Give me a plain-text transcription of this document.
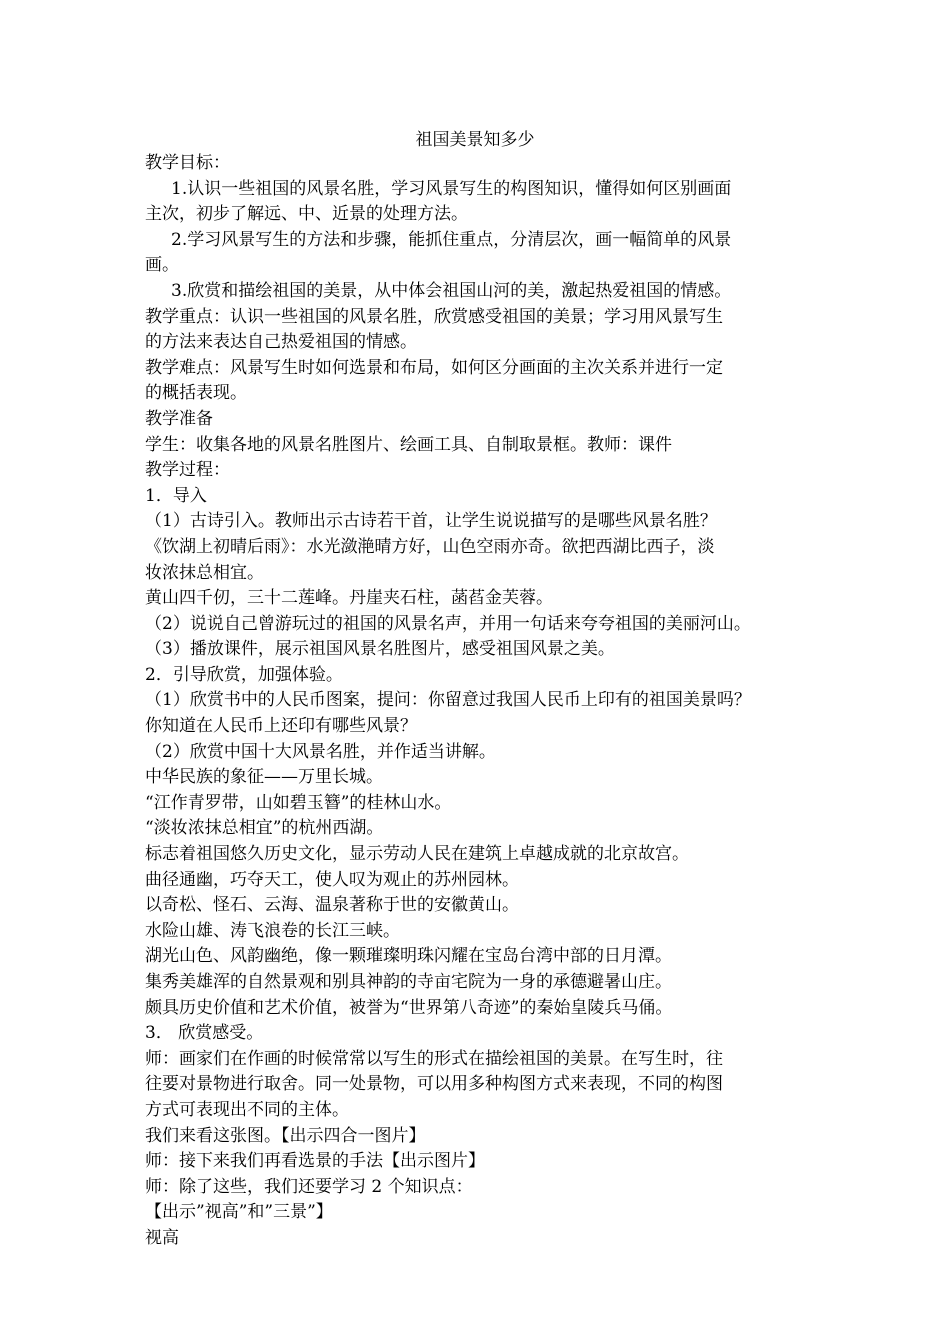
祖国美景知多少
教学目标：
1.认识一些祖国的风景名胜，学习风景写生的构图知识，懂得如何区别画面
主次，初步了解远、中、近景的处理方法。
2.学习风景写生的方法和步骤，能抓住重点，分清层次，画一幅简单的风景
画。
3.欣赏和描绘祖国的美景，从中体会祖国山河的美，激起热爱祖国的情感。
教学重点：认识一些祖国的风景名胜，欣赏感受祖国的美景；学习用风景写生
的方法来表达自己热爱祖国的情感。
教学难点：风景写生时如何选景和布局，如何区分画面的主次关系并进行一定
的概括表现。
教学准备
学生：收集各地的风景名胜图片、绘画工具、自制取景框。教师：课件
教学过程：
1．导入
（1）古诗引入。教师出示古诗若干首，让学生说说描写的是哪些风景名胜？
《饮湖上初晴后雨》：水光潋滟晴方好，山色空雨亦奇。欲把西湖比西子，淡
妆浓抹总相宜。
黄山四千仞，三十二莲峰。丹崖夹石柱，菡萏金芙蓉。
（2）说说自己曾游玩过的祖国的风景名声，并用一句话来夸夸祖国的美丽河山。
（3）播放课件，展示祖国风景名胜图片，感受祖国风景之美。
2．引导欣赏，加强体验。
（1）欣赏书中的人民币图案，提问：你留意过我国人民币上印有的祖国美景吗？
你知道在人民币上还印有哪些风景？
（2）欣赏中国十大风景名胜，并作适当讲解。
中华民族的象征——万里长城。
“江作青罗带，山如碧玉簪”的桂林山水。
“淡妆浓抹总相宜”的杭州西湖。
标志着祖国悠久历史文化，显示劳动人民在建筑上卓越成就的北京故宫。
曲径通幽，巧夺天工，使人叹为观止的苏州园林。
以奇松、怪石、云海、温泉著称于世的安徽黄山。
水险山雄、涛飞浪卷的长江三峡。
湖光山色、风韵幽绝，像一颗璀璨明珠闪耀在宝岛台湾中部的日月潭。
集秀美雄浑的自然景观和别具神韵的寺亩宅院为一身的承德避暑山庄。
颇具历史价值和艺术价值，被誉为“世界第八奇迹”的秦始皇陵兵马俑。
3． 欣赏感受。
师：画家们在作画的时候常常以写生的形式在描绘祖国的美景。在写生时，往
往要对景物进行取舍。同一处景物，可以用多种构图方式来表现，不同的构图
方式可表现出不同的主体。
我们来看这张图。【出示四合一图片】
师：接下来我们再看选景的手法【出示图片】
师：除了这些，我们还要学习 2 个知识点：
【出示”视高”和”三景”】
视高
